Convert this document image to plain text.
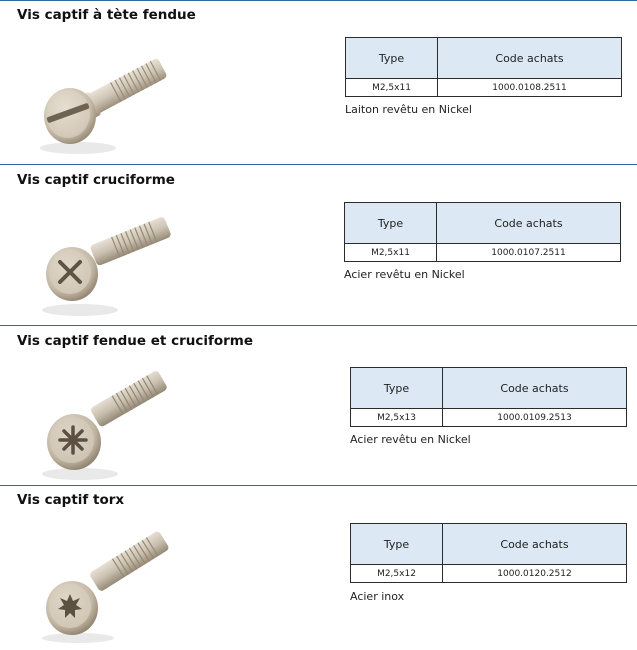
Vis captif à tète fendue
Type	Code achats
M2,5x11	1000.0108.2511
Laiton revêtu en Nickel
Vis captif cruciforme
Type	Code achats
M2,5x11	1000.0107.2511
Acier revêtu en Nickel
Vis captif fendue et cruciforme
Type	Code achats
M2,5x13	1000.0109.2513
Acier revêtu en Nickel
Vis captif torx
Type	Code achats
M2,5x12	1000.0120.2512
Acier inox
